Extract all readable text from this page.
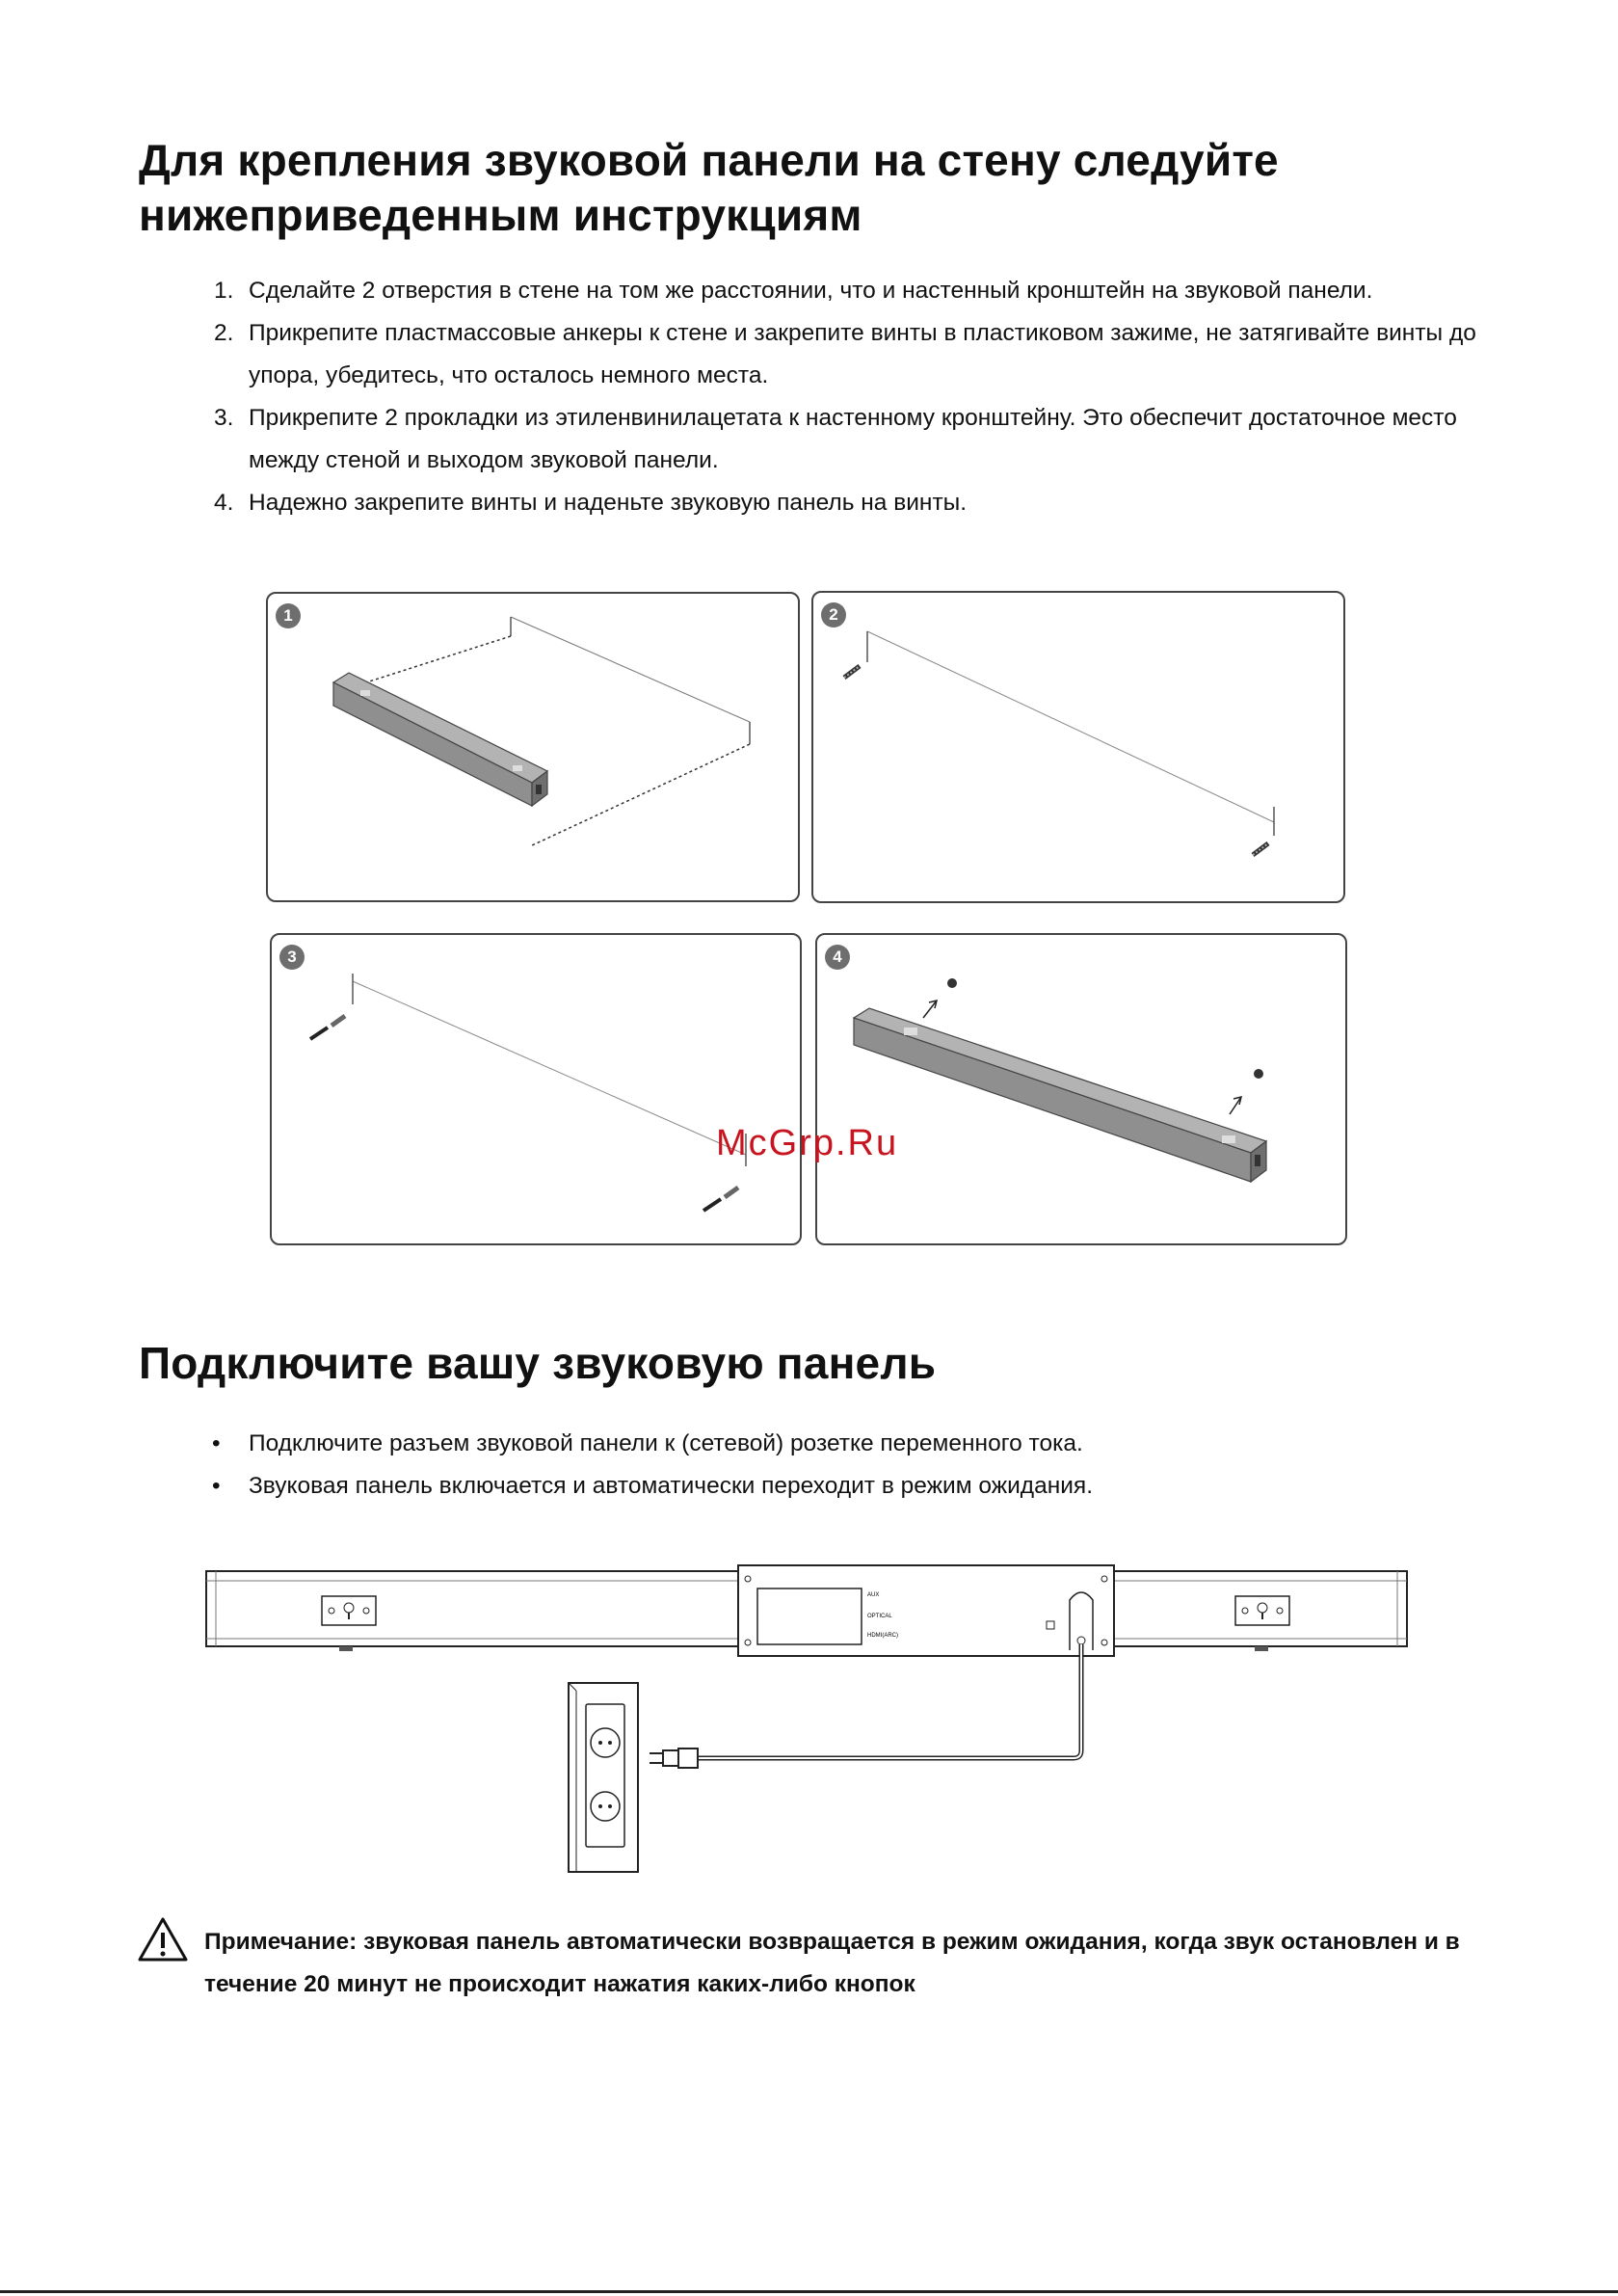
Для крепления звуковой панели на стену следуйте нижеприведенным инструкциям
1. Сделайте 2 отверстия в стене на том же расстоянии, что и настенный кронштейн на звуковой панели.
2. Прикрепите пластмассовые анкеры к стене и закрепите винты в пластиковом зажиме, не затягивайте винты до упора, убедитесь, что осталось немного места.
3. Прикрепите 2 прокладки из этиленвинилацетата к настенному кронштейну. Это обеспечит достаточное место между стеной и выходом звуковой панели.
4. Надежно закрепите винты и наденьте звуковую панель на винты.
1	2
3	4
McGrp.Ru
Подключите вашу звуковую панель
• Подключите разъем звуковой панели к (сетевой) розетке переменного тока.
• Звуковая панель включается и автоматически переходит в режим ожидания.
AUX
OPTICAL
HDMI(ARC)
Примечание: звуковая панель автоматически возвращается в режим ожидания, когда звук остановлен и в течение 20 минут не происходит нажатия каких-либо кнопок
